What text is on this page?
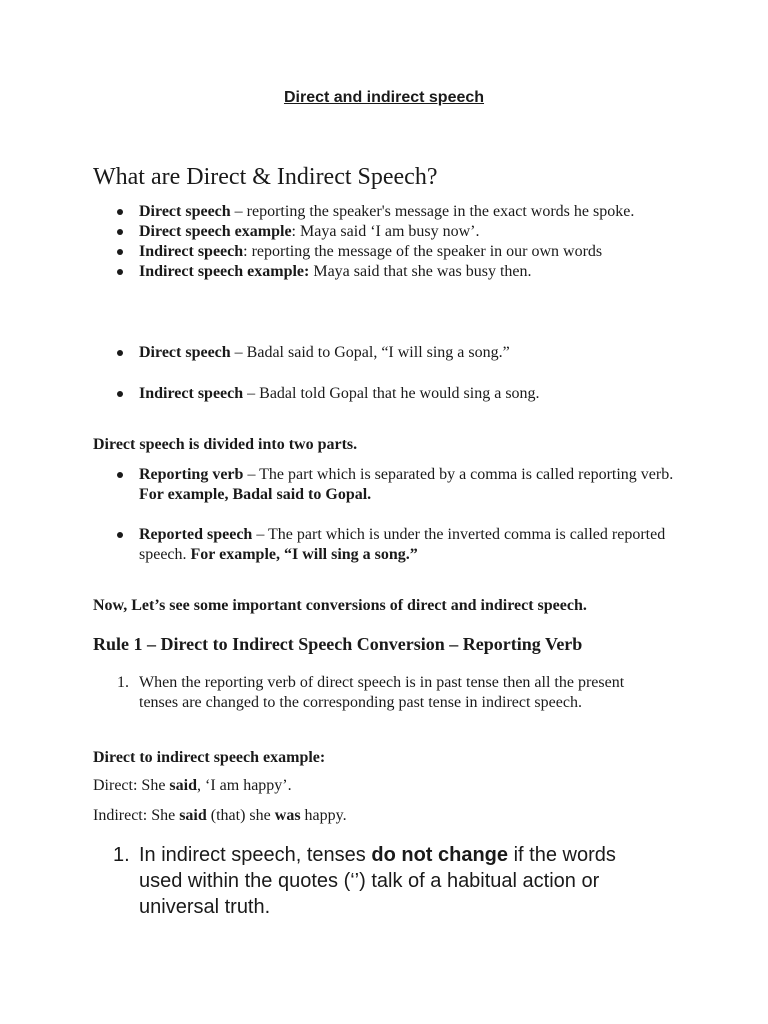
Direct and indirect speech
What are Direct & Indirect Speech?
Direct speech – reporting the speaker's message in the exact words he spoke.
Direct speech example: Maya said ‘I am busy now’.
Indirect speech: reporting the message of the speaker in our own words
Indirect speech example: Maya said that she was busy then.
Direct speech – Badal said to Gopal, “I will sing a song.”
Indirect speech – Badal told Gopal that he would sing a song.
Direct speech is divided into two parts.
Reporting verb – The part which is separated by a comma is called reporting verb. For example, Badal said to Gopal.
Reported speech – The part which is under the inverted comma is called reported speech. For example, “I will sing a song.”
Now, Let’s see some important conversions of direct and indirect speech.
Rule 1 – Direct to Indirect Speech Conversion – Reporting Verb
1. When the reporting verb of direct speech is in past tense then all the present tenses are changed to the corresponding past tense in indirect speech.
Direct to indirect speech example:
Direct: She said, ‘I am happy’.
Indirect: She said (that) she was happy.
1. In indirect speech, tenses do not change if the words used within the quotes (‘’) talk of a habitual action or universal truth.
